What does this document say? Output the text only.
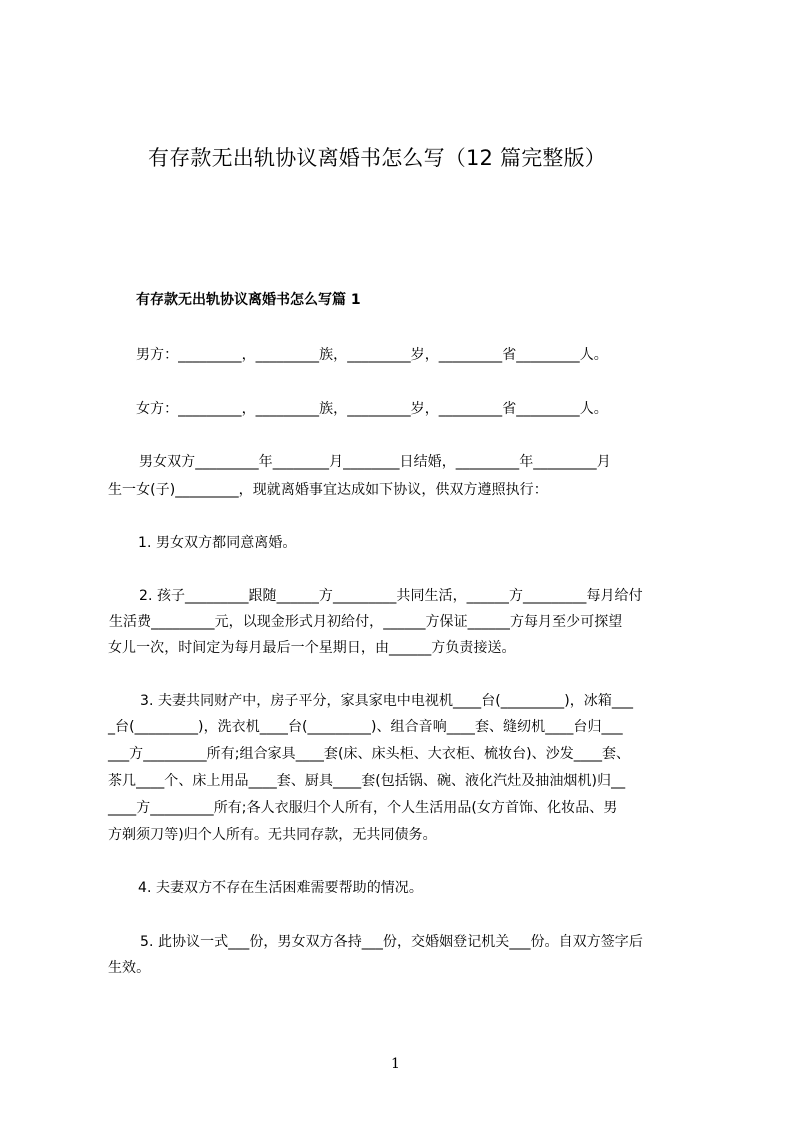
有存款无出轨协议离婚书怎么写（12 篇完整版）
有存款无出轨协议离婚书怎么写篇 1
男方：_________，_________族，_________岁，_________省_________人。
女方：_________，_________族，_________岁，_________省_________人。
男女双方_________年________月________日结婚，_________年_________月
生一女(子)_________，现就离婚事宜达成如下协议，供双方遵照执行：
1. 男女双方都同意离婚。
2. 孩子_________跟随______方_________共同生活，______方_________每月给付
生活费_________元，以现金形式月初给付，______方保证______方每月至少可探望
女儿一次，时间定为每月最后一个星期日，由______方负责接送。
3. 夫妻共同财产中，房子平分，家具家电中电视机____台(_________)，冰箱___
_台(_________)，洗衣机____台(_________)、组合音响____套、缝纫机____台归___
___方_________所有;组合家具____套(床、床头柜、大衣柜、梳妆台)、沙发____套、
茶几____个、床上用品____套、厨具____套(包括锅、碗、液化汽灶及抽油烟机)归__
____方_________所有;各人衣服归个人所有，个人生活用品(女方首饰、化妆品、男
方剃须刀等)归个人所有。无共同存款，无共同债务。
4. 夫妻双方不存在生活困难需要帮助的情况。
5. 此协议一式___份，男女双方各持___份，交婚姻登记机关___份。自双方签字后
生效。
1
